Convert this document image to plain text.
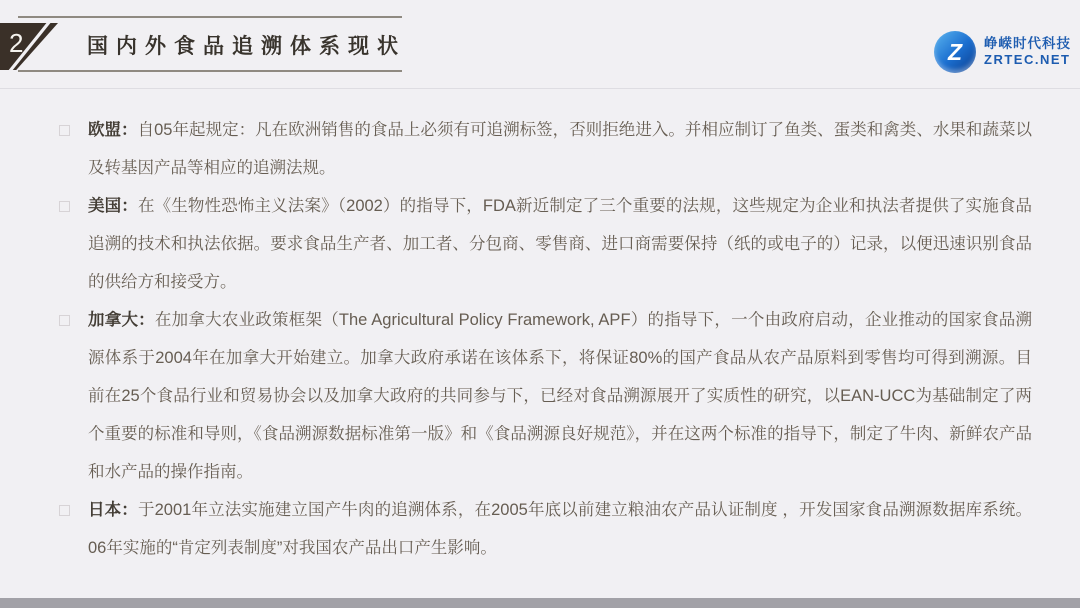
2	国内外食品追溯体系现状	Z	峥嵘时代科技
ZRTEC.NET

欧盟：自05年起规定：凡在欧洲销售的食品上必须有可追溯标签，否则拒绝进入。并相应制订了鱼类、蛋类和禽类、水果和蔬菜以及转基因产品等相应的追溯法规。

美国：在《生物性恐怖主义法案》（2002）的指导下，FDA新近制定了三个重要的法规，这些规定为企业和执法者提供了实施食品追溯的技术和执法依据。要求食品生产者、加工者、分包商、零售商、进口商需要保持（纸的或电子的）记录，以便迅速识别食品的供给方和接受方。

加拿大：在加拿大农业政策框架（The Agricultural Policy Framework, APF）的指导下，一个由政府启动，企业推动的国家食品溯源体系于2004年在加拿大开始建立。加拿大政府承诺在该体系下，将保证80%的国产食品从农产品原料到零售均可得到溯源。目前在25个食品行业和贸易协会以及加拿大政府的共同参与下，已经对食品溯源展开了实质性的研究，以EAN-UCC为基础制定了两个重要的标准和导则，《食品溯源数据标准第一版》和《食品溯源良好规范》，并在这两个标准的指导下，制定了牛肉、新鲜农产品和水产品的操作指南。

日本：于2001年立法实施建立国产牛肉的追溯体系，在2005年底以前建立粮油农产品认证制度 ，开发国家食品溯源数据库系统。06年实施的“肯定列表制度”对我国农产品出口产生影响。
